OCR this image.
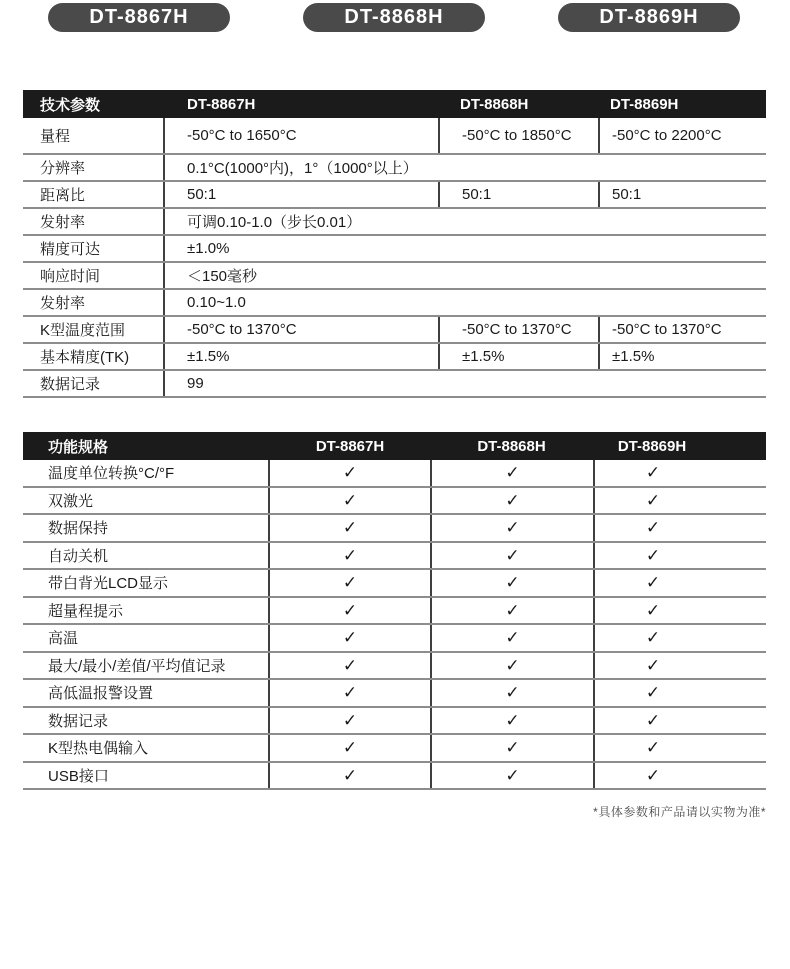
DT-8867H	DT-8868H	DT-8869H
技术参数	DT-8867H	DT-8868H	DT-8869H
量程	-50°C to 1650°C	-50°C to 1850°C	-50°C to 2200°C
分辨率	0.1°C(1000°内)，1°（1000°以上）
距离比	50:1	50:1	50:1
发射率	可调0.10-1.0（步长0.01）
精度可达	±1.0%
响应时间	＜150毫秒
发射率	0.10~1.0
K型温度范围	-50°C to 1370°C	-50°C to 1370°C	-50°C to 1370°C
基本精度(TK)	±1.5%	±1.5%	±1.5%
数据记录	99
功能规格	DT-8867H	DT-8868H	DT-8869H
温度单位转换°C/°F	✓	✓	✓
双激光	✓	✓	✓
数据保持	✓	✓	✓
自动关机	✓	✓	✓
带白背光LCD显示	✓	✓	✓
超量程提示	✓	✓	✓
高温	✓	✓	✓
最大/最小/差值/平均值记录	✓	✓	✓
高低温报警设置	✓	✓	✓
数据记录	✓	✓	✓
K型热电偶输入	✓	✓	✓
USB接口	✓	✓	✓
*具体参数和产品请以实物为准*
